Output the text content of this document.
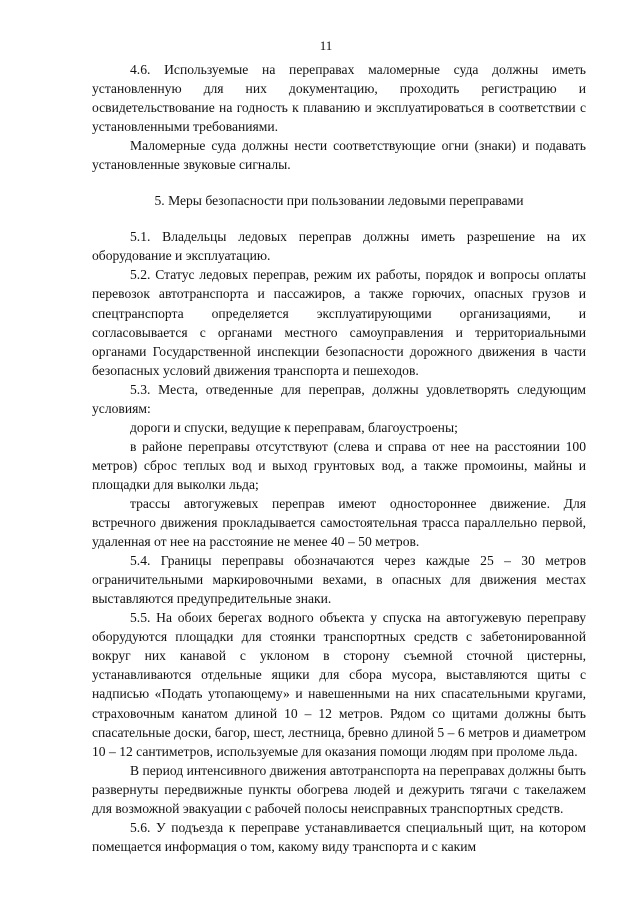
11

4.6. Используемые на переправах маломерные суда должны иметь установленную для них документацию, проходить регистрацию и освидетельствование на годность к плаванию и эксплуатироваться в соответствии с установленными требованиями.

Маломерные суда должны нести соответствующие огни (знаки) и подавать установленные звуковые сигналы.

5. Меры безопасности при пользовании ледовыми переправами

5.1. Владельцы ледовых переправ должны иметь разрешение на их оборудование и эксплуатацию.

5.2. Статус ледовых переправ, режим их работы, порядок и вопросы оплаты перевозок автотранспорта и пассажиров, а также горючих, опасных грузов и спецтранспорта определяется эксплуатирующими организациями, и согласовывается с органами местного самоуправления и территориальными органами Государственной инспекции безопасности дорожного движения в части безопасных условий движения транспорта и пешеходов.

5.3. Места, отведенные для переправ, должны удовлетворять следующим условиям:

дороги и спуски, ведущие к переправам, благоустроены;

в районе переправы отсутствуют (слева и справа от нее на расстоянии 100 метров) сброс теплых вод и выход грунтовых вод, а также промоины, майны и площадки для выколки льда;

трассы автогужевых переправ имеют одностороннее движение. Для встречного движения прокладывается самостоятельная трасса параллельно первой, удаленная от нее на расстояние не менее 40 – 50 метров.

5.4. Границы переправы обозначаются через каждые 25 – 30 метров ограничительными маркировочными вехами, в опасных для движения местах выставляются предупредительные знаки.

5.5. На обоих берегах водного объекта у спуска на автогужевую переправу оборудуются площадки для стоянки транспортных средств с забетонированной вокруг них канавой с уклоном в сторону съемной сточной цистерны, устанавливаются отдельные ящики для сбора мусора, выставляются щиты с надписью «Подать утопающему» и навешенными на них спасательными кругами, страховочным канатом длиной 10 – 12 метров. Рядом со щитами должны быть спасательные доски, багор, шест, лестница, бревно длиной 5 – 6 метров и диаметром 10 – 12 сантиметров, используемые для оказания помощи людям при проломе льда.

В период интенсивного движения автотранспорта на переправах должны быть развернуты передвижные пункты обогрева людей и дежурить тягачи с такелажем для возможной эвакуации с рабочей полосы неисправных транспортных средств.

5.6. У подъезда к переправе устанавливается специальный щит, на котором помещается информация о том, какому виду транспорта и с каким
